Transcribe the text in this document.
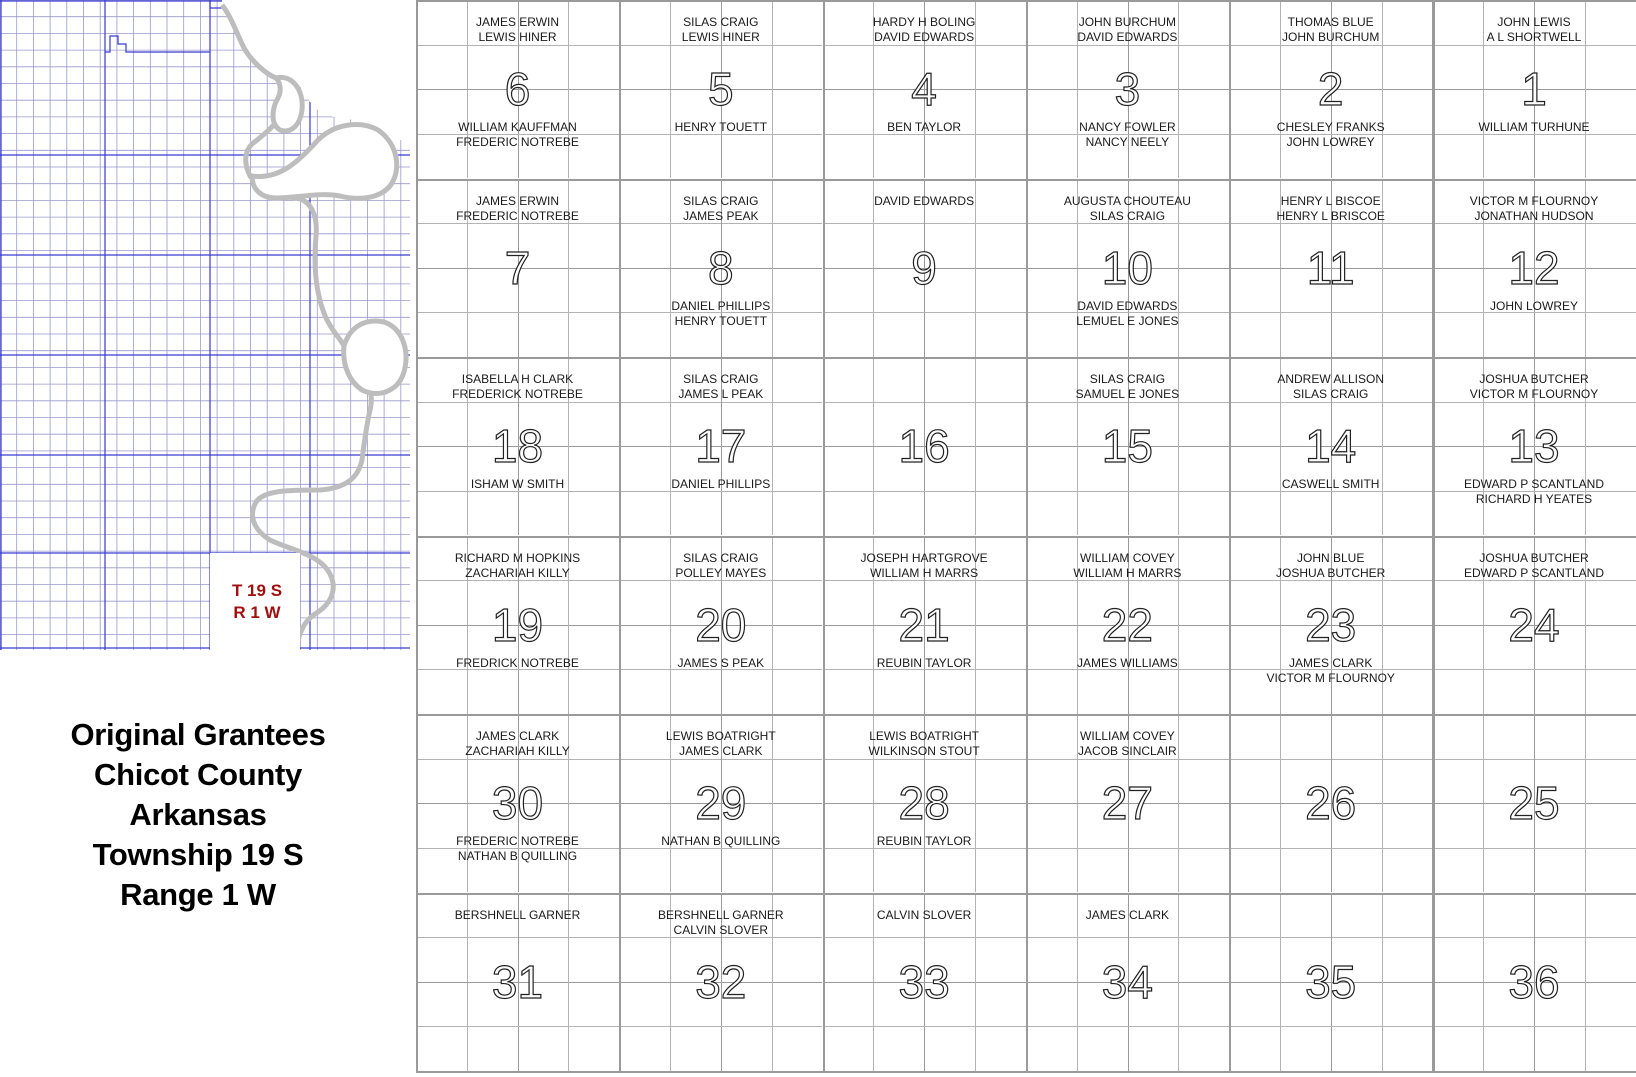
T 19 S
R 1 W
Original Grantees
Chicot County
Arkansas
Township 19 S
Range 1 W
JAMES ERWIN
LEWIS HINER
6
WILLIAM KAUFFMAN
FREDERIC NOTREBE
SILAS CRAIG
LEWIS HINER
5
HENRY TOUETT
HARDY H BOLING
DAVID EDWARDS
4
BEN TAYLOR
JOHN BURCHUM
DAVID EDWARDS
3
NANCY FOWLER
NANCY NEELY
THOMAS BLUE
JOHN BURCHUM
2
CHESLEY FRANKS
JOHN LOWREY
JOHN LEWIS
A L SHORTWELL
1
WILLIAM TURHUNE
JAMES ERWIN
FREDERIC NOTREBE
7
SILAS CRAIG
JAMES PEAK
8
DANIEL PHILLIPS
HENRY TOUETT
DAVID EDWARDS
9
AUGUSTA CHOUTEAU
SILAS CRAIG
10
DAVID EDWARDS
LEMUEL E JONES
HENRY L BISCOE
HENRY L BRISCOE
11
VICTOR M FLOURNOY
JONATHAN HUDSON
12
JOHN LOWREY
ISABELLA H CLARK
FREDERICK NOTREBE
18
ISHAM W SMITH
SILAS CRAIG
JAMES L PEAK
17
DANIEL PHILLIPS
16
SILAS CRAIG
SAMUEL E JONES
15
ANDREW ALLISON
SILAS CRAIG
14
CASWELL SMITH
JOSHUA BUTCHER
VICTOR M FLOURNOY
13
EDWARD P SCANTLAND
RICHARD H YEATES
RICHARD M HOPKINS
ZACHARIAH KILLY
19
FREDRICK NOTREBE
SILAS CRAIG
POLLEY MAYES
20
JAMES S PEAK
JOSEPH HARTGROVE
WILLIAM H MARRS
21
REUBIN TAYLOR
WILLIAM COVEY
WILLIAM H MARRS
22
JAMES WILLIAMS
JOHN BLUE
JOSHUA BUTCHER
23
JAMES CLARK
VICTOR M FLOURNOY
JOSHUA BUTCHER
EDWARD P SCANTLAND
24
JAMES CLARK
ZACHARIAH KILLY
30
FREDERIC NOTREBE
NATHAN B QUILLING
LEWIS BOATRIGHT
JAMES CLARK
29
NATHAN B QUILLING
LEWIS BOATRIGHT
WILKINSON STOUT
28
REUBIN TAYLOR
WILLIAM COVEY
JACOB SINCLAIR
27	26	25
BERSHNELL GARNER
31
BERSHNELL GARNER
CALVIN SLOVER
32
CALVIN SLOVER
33
JAMES CLARK
34	35	36
